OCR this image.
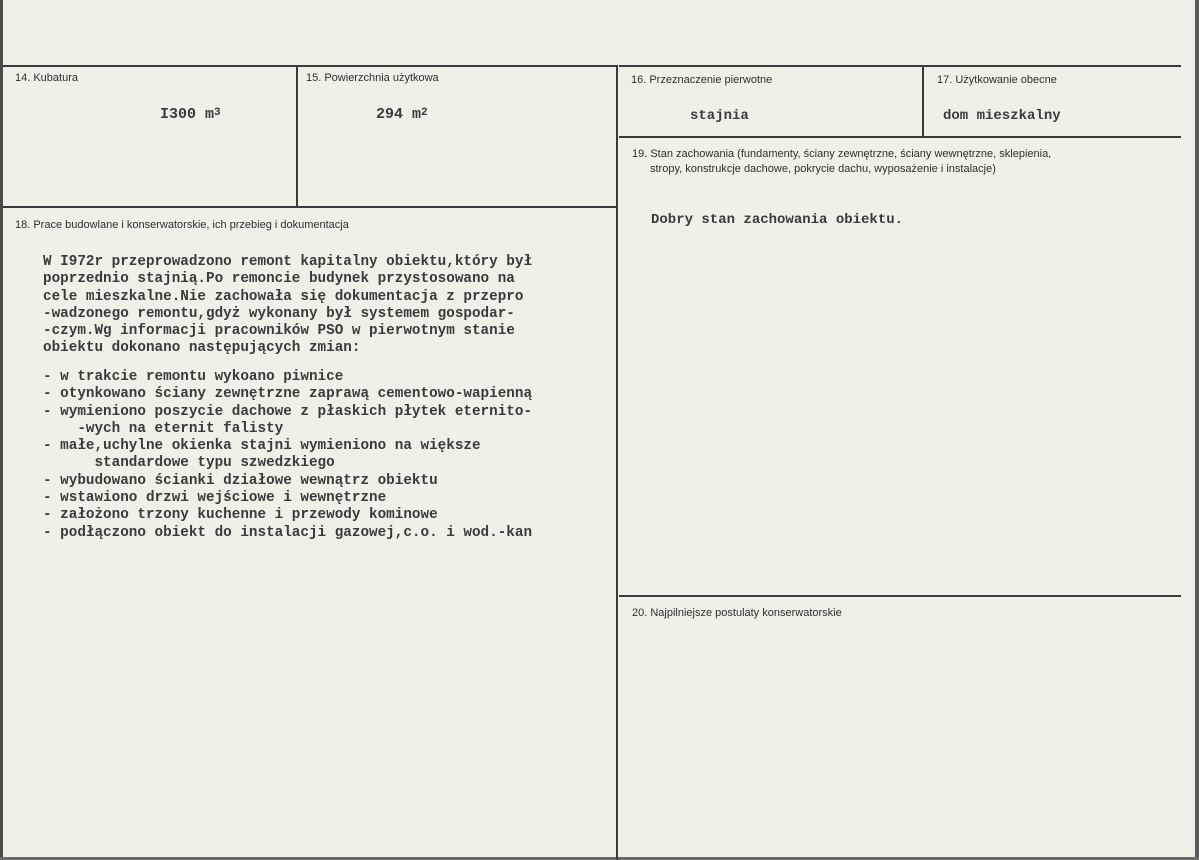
14. Kubatura
I300 $m^3$
15. Powierzchnia użytkowa
294 $m^2$
16. Przeznaczenie pierwotne
stajnia
17. Użytkowanie obecne
dom mieszkalny
19. Stan zachowania (fundamenty, ściany zewnętrzne, ściany wewnętrzne, sklepienia,
stropy, konstrukcje dachowe, pokrycie dachu, wyposażenie i instalacje)
Dobry stan zachowania obiektu.
18. Prace budowlane i konserwatorskie, ich przebieg i dokumentacja
W I972r przeprowadzono remont kapitalny obiektu,który był
poprzednio stajnią.Po remoncie budynek przystosowano na
cele mieszkalne.Nie zachowała się dokumentacja z przepro
-wadzonego remontu,gdyż wykonany był systemem gospodar-
-czym.Wg informacji pracowników PSO w pierwotnym stanie
obiektu dokonano następujących zmian:
- w trakcie remontu wykoano piwnice
- otynkowano ściany zewnętrzne zaprawą cementowo-wapienną
- wymieniono poszycie dachowe z płaskich płytek eternito-
-wych na eternit falisty
- małe,uchylne okienka stajni wymieniono na większe
standardowe typu szwedzkiego
- wybudowano ścianki działowe wewnątrz obiektu
- wstawiono drzwi wejściowe i wewnętrzne
- założono trzony kuchenne i przewody kominowe
- podłączono obiekt do instalacji gazowej,c.o. i wod.-kan
20. Najpilniejsze postulaty konserwatorskie
